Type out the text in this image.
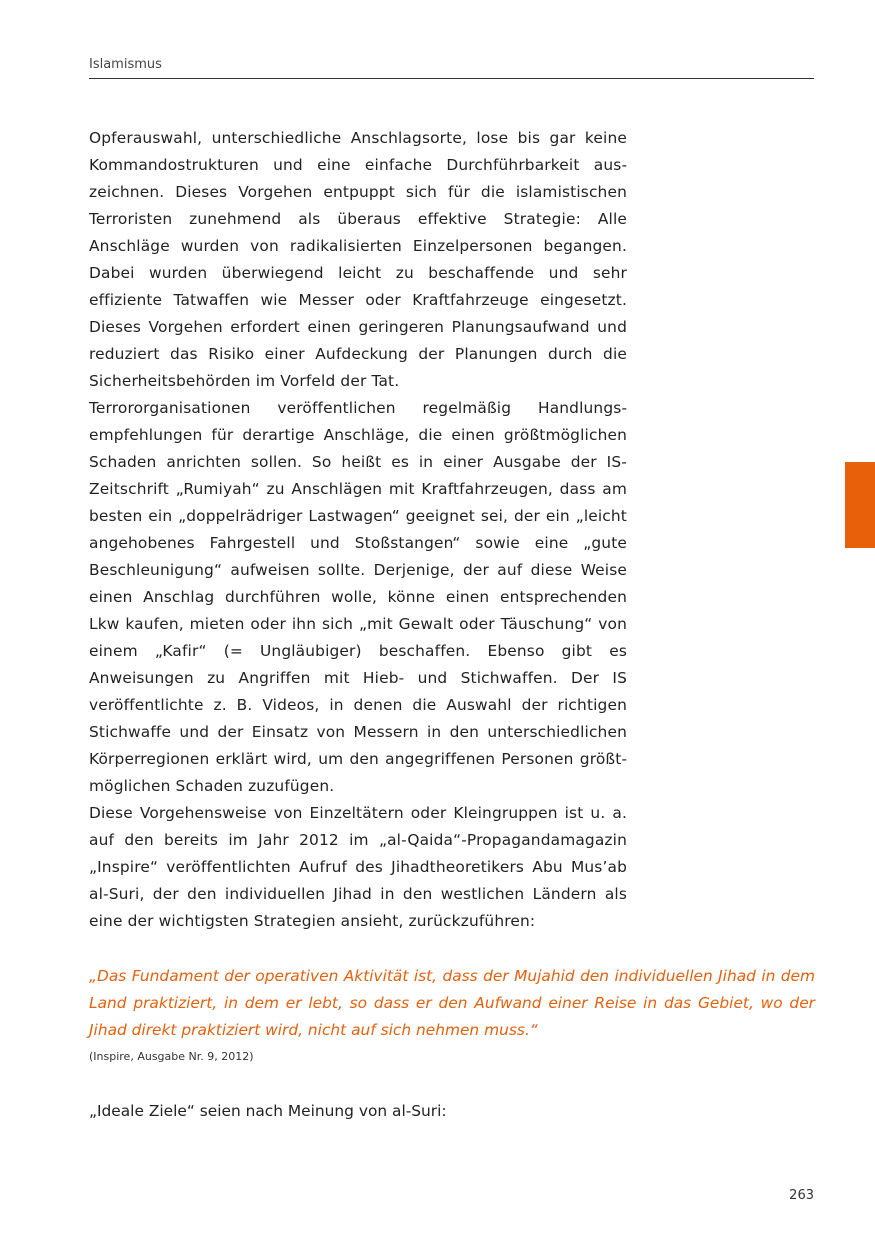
Islamismus

Opferauswahl, unterschiedliche Anschlagsorte, lose bis gar keine Kommandostrukturen und eine einfache Durchführbarkeit auszeichnen. Dieses Vorgehen entpuppt sich für die islamistischen Terroristen zunehmend als überaus effektive Strategie: Alle Anschläge wurden von radikalisierten Einzelpersonen begangen. Dabei wurden überwiegend leicht zu beschaffende und sehr effiziente Tatwaffen wie Messer oder Kraftfahrzeuge eingesetzt. Dieses Vorgehen erfordert einen geringeren Planungsaufwand und reduziert das Risiko einer Aufdeckung der Planungen durch die Sicherheitsbehörden im Vorfeld der Tat.

Terrororganisationen veröffentlichen regelmäßig Handlungsempfehlungen für derartige Anschläge, die einen größtmöglichen Schaden anrichten sollen. So heißt es in einer Ausgabe der IS-Zeitschrift „Rumiyah“ zu Anschlägen mit Kraftfahrzeugen, dass am besten ein „doppelrädriger Lastwagen“ geeignet sei, der ein „leicht angehobenes Fahrgestell und Stoßstangen“ sowie eine „gute Beschleunigung“ aufweisen sollte. Derjenige, der auf diese Weise einen Anschlag durchführen wolle, könne einen entsprechenden Lkw kaufen, mieten oder ihn sich „mit Gewalt oder Täuschung“ von einem „Kafir“ (= Ungläubiger) beschaffen. Ebenso gibt es Anweisungen zu Angriffen mit Hieb- und Stichwaffen. Der IS veröffentlichte z. B. Videos, in denen die Auswahl der richtigen Stichwaffe und der Einsatz von Messern in den unterschiedlichen Körperregionen erklärt wird, um den angegriffenen Personen größtmöglichen Schaden zuzufügen.

Diese Vorgehensweise von Einzeltätern oder Kleingruppen ist u. a. auf den bereits im Jahr 2012 im „al-Qaida“-Propagandamagazin „Inspire“ veröffentlichten Aufruf des Jihadtheoretikers Abu Mus’ab al-Suri, der den individuellen Jihad in den westlichen Ländern als eine der wichtigsten Strategien ansieht, zurückzuführen:

„Das Fundament der operativen Aktivität ist, dass der Mujahid den individuellen Jihad in dem Land praktiziert, in dem er lebt, so dass er den Aufwand einer Reise in das Gebiet, wo der Jihad direkt praktiziert wird, nicht auf sich nehmen muss.“
(Inspire, Ausgabe Nr. 9, 2012)
„Ideale Ziele“ seien nach Meinung von al-Suri:
263
